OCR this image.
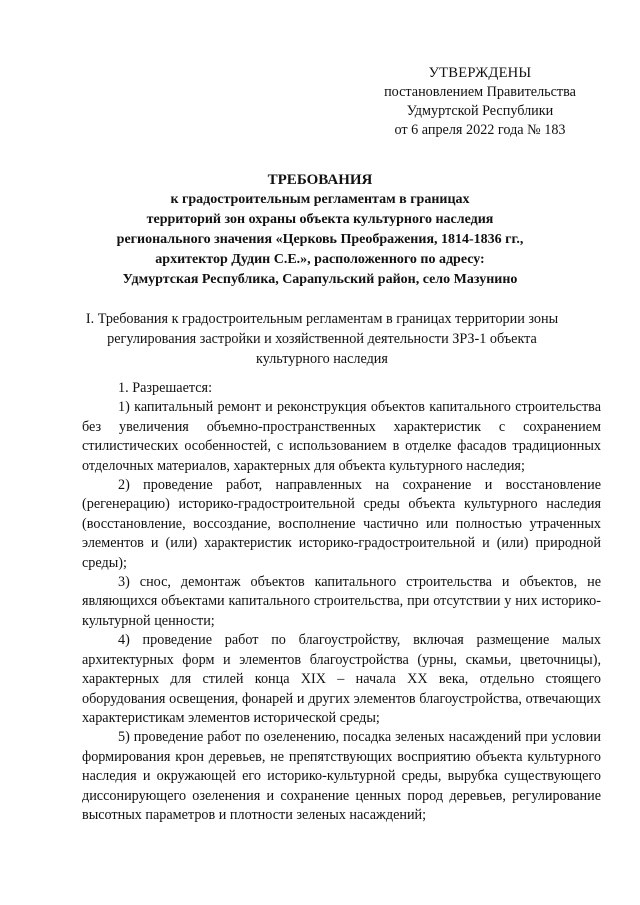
УТВЕРЖДЕНЫ
постановлением Правительства
Удмуртской Республики
от 6 апреля 2022 года № 183
ТРЕБОВАНИЯ
к градостроительным регламентам в границах
территорий зон охраны объекта культурного наследия
регионального значения «Церковь Преображения, 1814-1836 гг.,
архитектор Дудин С.Е.», расположенного по адресу:
Удмуртская Республика, Сарапульский район, село Мазунино
I. Требования к градостроительным регламентам в границах территории зоны
регулирования застройки и хозяйственной деятельности ЗРЗ-1 объекта
культурного наследия

1. Разрешается:

1) капитальный ремонт и реконструкция объектов капитального строительства без увеличения объемно-пространственных характеристик с сохранением стилистических особенностей, с использованием в отделке фасадов традиционных отделочных материалов, характерных для объекта культурного наследия;

2) проведение работ, направленных на сохранение и восстановление (регенерацию) историко-градостроительной среды объекта культурного наследия (восстановление, воссоздание, восполнение частично или полностью утраченных элементов и (или) характеристик историко-градостроительной и (или) природной среды);

3) снос, демонтаж объектов капитального строительства и объектов, не являющихся объектами капитального строительства, при отсутствии у них историко-культурной ценности;

4) проведение работ по благоустройству, включая размещение малых архитектурных форм и элементов благоустройства (урны, скамьи, цветочницы), характерных для стилей конца XIX – начала XX века, отдельно стоящего оборудования освещения, фонарей и других элементов благоустройства, отвечающих характеристикам элементов исторической среды;

5) проведение работ по озеленению, посадка зеленых насаждений при условии формирования крон деревьев, не препятствующих восприятию объекта культурного наследия и окружающей его историко-культурной среды, вырубка существующего диссонирующего озеленения и сохранение ценных пород деревьев, регулирование высотных параметров и плотности зеленых насаждений;
